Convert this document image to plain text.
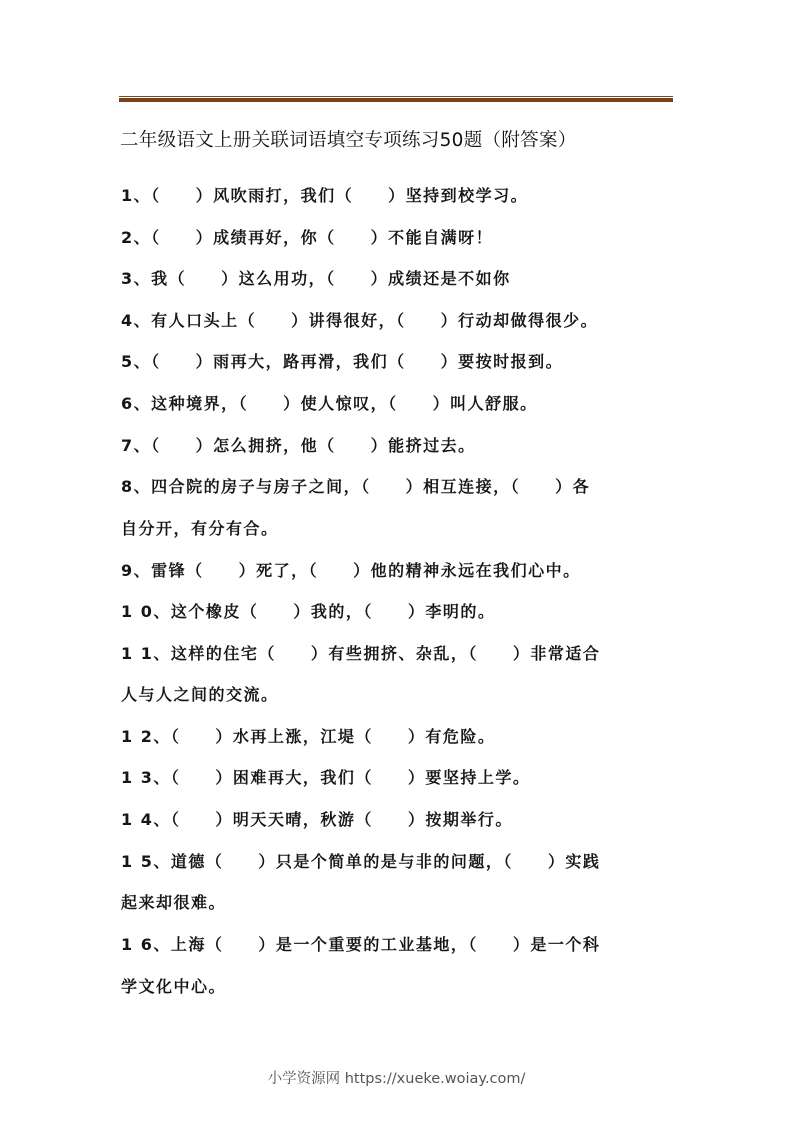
二年级语文上册关联词语填空专项练习50题（附答案）
1、（　　）风吹雨打，我们（　　）坚持到校学习。
2、（　　）成绩再好，你（　　）不能自满呀！
3、我（　　）这么用功，（　　）成绩还是不如你
4、有人口头上（　　）讲得很好，（　　）行动却做得很少。
5、（　　）雨再大，路再滑，我们（　　）要按时报到。
6、这种境界，（　　）使人惊叹，（　　）叫人舒服。
7、（　　）怎么拥挤，他（　　）能挤过去。
8、四合院的房子与房子之间，（　　）相互连接，（　　）各
自分开，有分有合。
9、雷锋（　　）死了，（　　）他的精神永远在我们心中。
1 0、这个橡皮（　　）我的，（　　）李明的。
1 1、这样的住宅（　　）有些拥挤、杂乱，（　　）非常适合
人与人之间的交流。
1 2、（　　）水再上涨，江堤（　　）有危险。
1 3、（　　）困难再大，我们（　　）要坚持上学。
1 4、（　　）明天天晴，秋游（　　）按期举行。
1 5、道德（　　）只是个简单的是与非的问题，（　　）实践
起来却很难。
1 6、上海（　　）是一个重要的工业基地，（　　）是一个科
学文化中心。
小学资源网 https://xueke.woiay.com/
